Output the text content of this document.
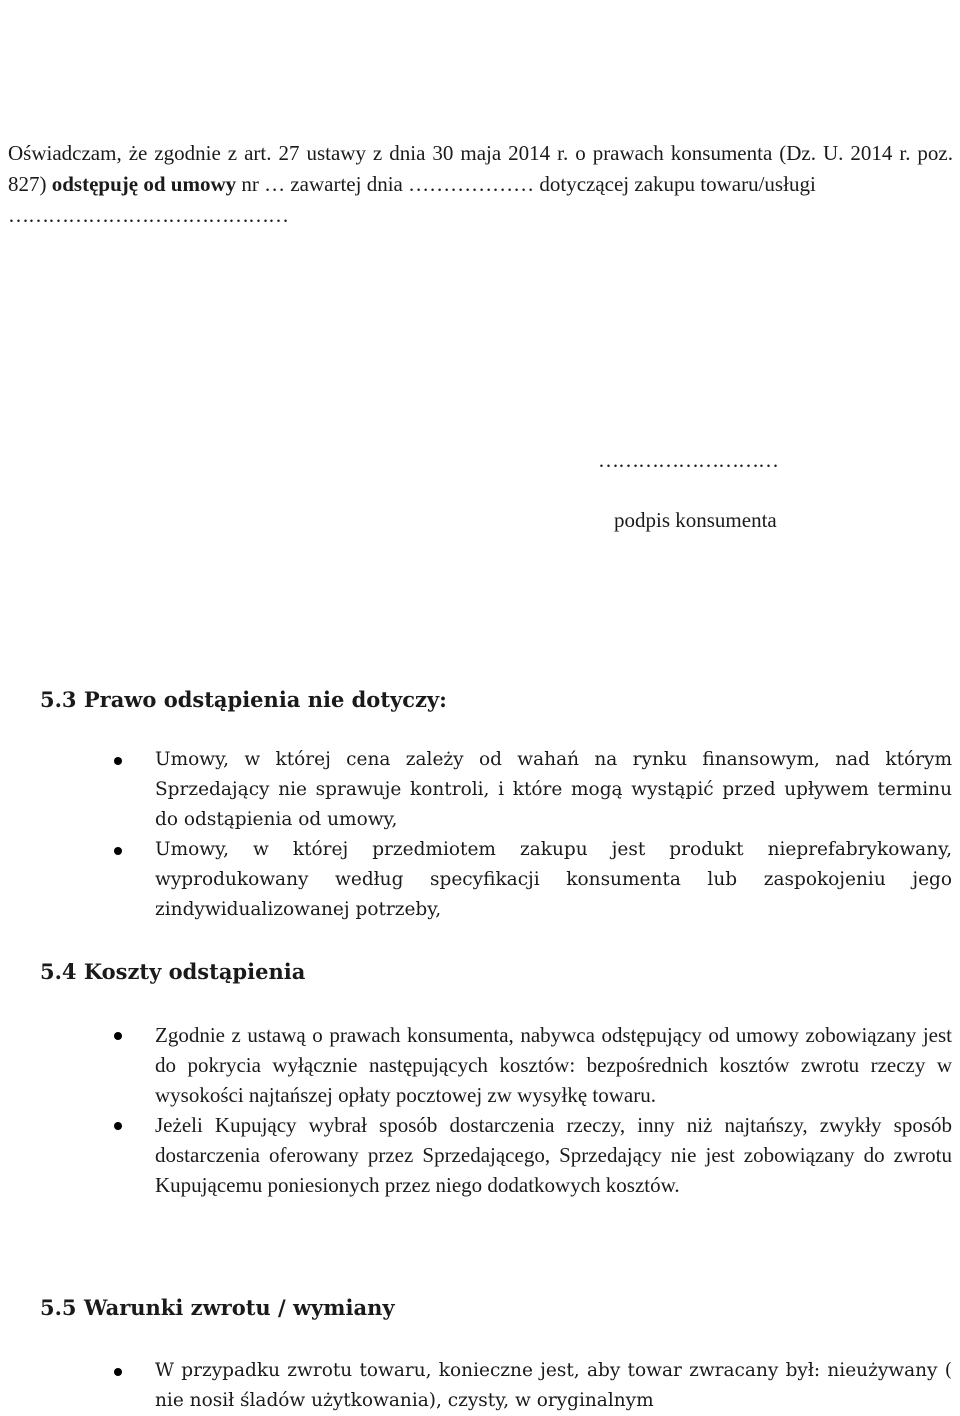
Oświadczam, że zgodnie z art. 27 ustawy z dnia 30 maja 2014 r. o prawach konsumenta (Dz. U. 2014 r. poz. 827) odstępuję od umowy nr … zawartej dnia ……………… dotyczącej zakupu towaru/usługi
……………………………………
………………………
podpis konsumenta
5.3 Prawo odstąpienia nie dotyczy:
Umowy, w której cena zależy od wahań na rynku finansowym, nad którym Sprzedający nie sprawuje kontroli, i które mogą wystąpić przed upływem terminu do odstąpienia od umowy,
Umowy, w której przedmiotem zakupu jest produkt nieprefabrykowany, wyprodukowany według specyfikacji konsumenta lub zaspokojeniu jego zindywidualizowanej potrzeby,
5.4 Koszty odstąpienia
Zgodnie z ustawą o prawach konsumenta, nabywca odstępujący od umowy zobowiązany jest do pokrycia wyłącznie następujących kosztów: bezpośrednich kosztów zwrotu rzeczy w wysokości najtańszej opłaty pocztowej zw wysyłkę towaru.
Jeżeli Kupujący wybrał sposób dostarczenia rzeczy, inny niż najtańszy, zwykły sposób dostarczenia oferowany przez Sprzedającego, Sprzedający nie jest zobowiązany do zwrotu Kupującemu poniesionych przez niego dodatkowych kosztów.
5.5 Warunki zwrotu / wymiany
W przypadku zwrotu towaru, konieczne jest, aby towar zwracany był: nieużywany ( nie nosił śladów użytkowania), czysty, w oryginalnym
